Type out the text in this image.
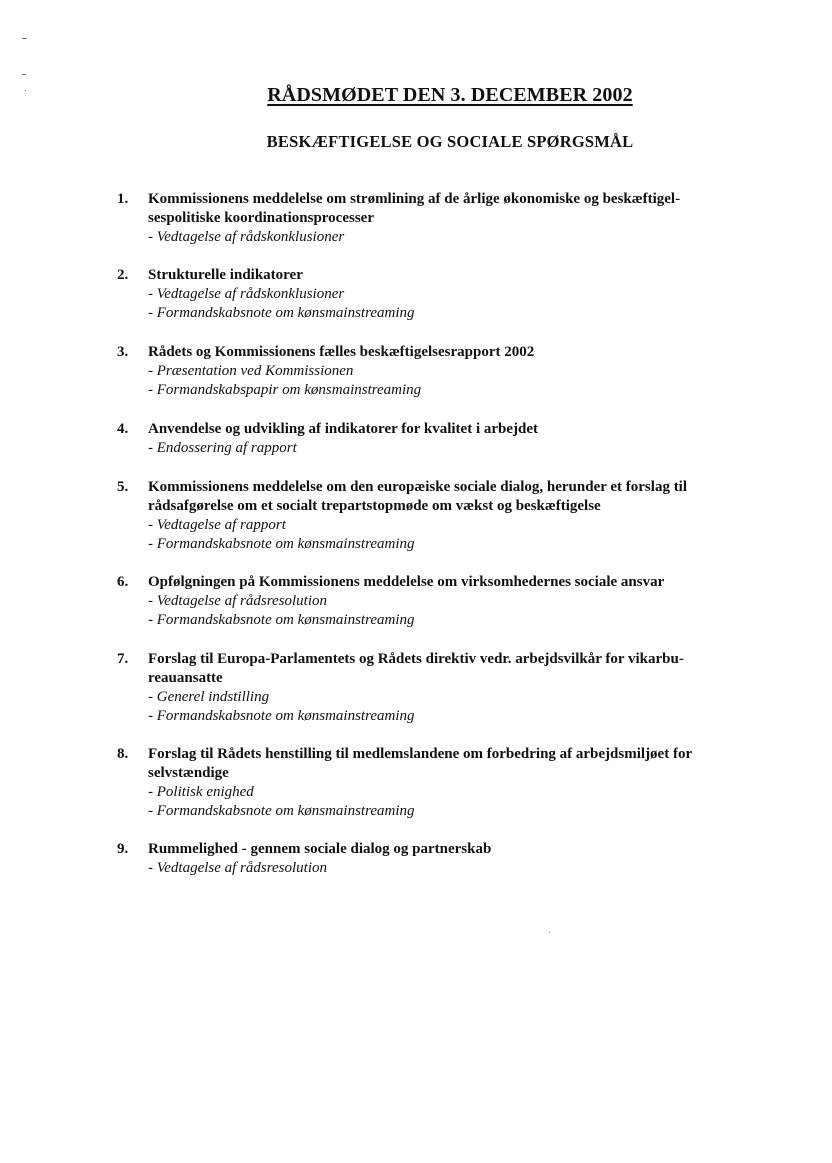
RÅDSMØDET DEN 3. DECEMBER 2002
BESKÆFTIGELSE OG SOCIALE SPØRGSMÅL
1. Kommissionens meddelelse om strømlining af de årlige økonomiske og beskæftigel-
sespolitiske koordinationsprocesser
- Vedtagelse af rådskonklusioner
2. Strukturelle indikatorer
- Vedtagelse af rådskonklusioner
- Formandskabsnote om kønsmainstreaming
3. Rådets og Kommissionens fælles beskæftigelsesrapport 2002
- Præsentation ved Kommissionen
- Formandskabspapir om kønsmainstreaming
4. Anvendelse og udvikling af indikatorer for kvalitet i arbejdet
- Endossering af rapport
5. Kommissionens meddelelse om den europæiske sociale dialog, herunder et forslag til
rådsafgørelse om et socialt trepartstopmøde om vækst og beskæftigelse
- Vedtagelse af rapport
- Formandskabsnote om kønsmainstreaming
6. Opfølgningen på Kommissionens meddelelse om virksomhedernes sociale ansvar
- Vedtagelse af rådsresolution
- Formandskabsnote om kønsmainstreaming
7. Forslag til Europa-Parlamentets og Rådets direktiv vedr. arbejdsvilkår for vikarbu-
reauansatte
- Generel indstilling
- Formandskabsnote om kønsmainstreaming
8. Forslag til Rådets henstilling til medlemslandene om forbedring af arbejdsmiljøet for
selvstændige
- Politisk enighed
- Formandskabsnote om kønsmainstreaming
9. Rummelighed - gennem sociale dialog og partnerskab
- Vedtagelse af rådsresolution
